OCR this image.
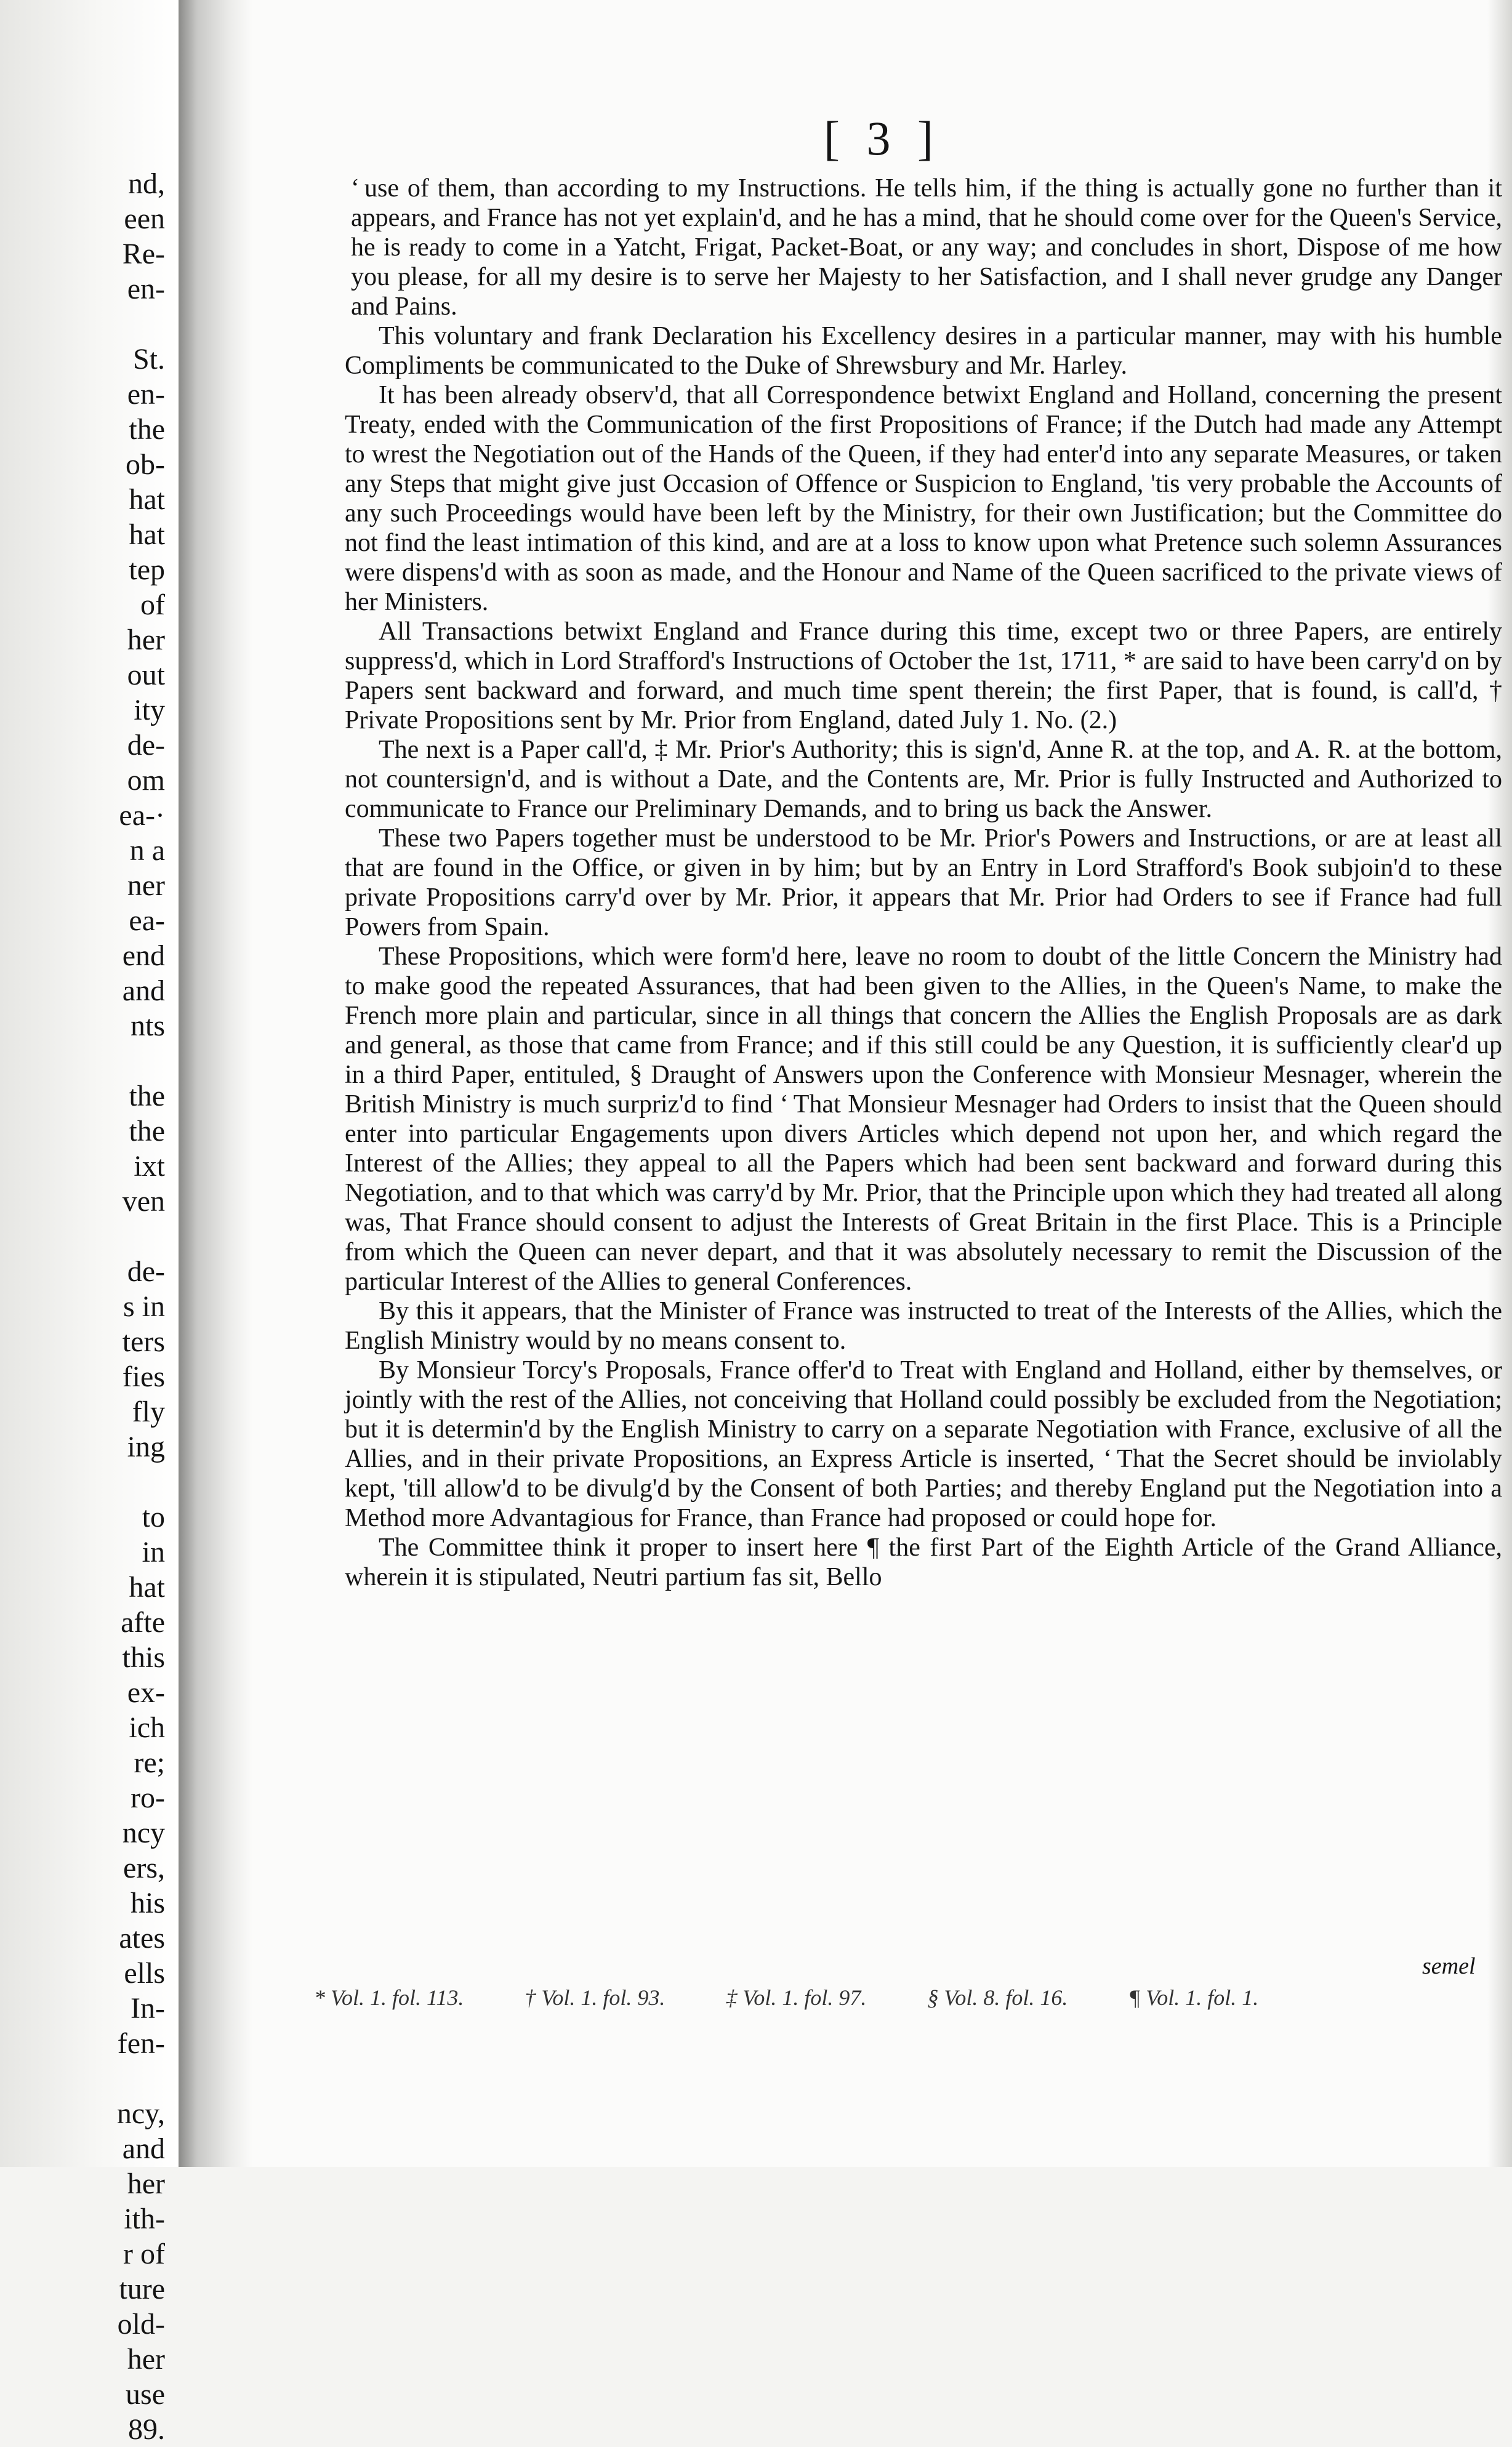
nd,
een
Re-
en-
St.
en-
the
ob-
hat
hat
tep
of
her
out
ity
de-
om
ea-·
n a
ner
ea-
end
and
nts
the
the
ixt
ven
de-
s in
ters
fies
fly
ing
to
in
hat
afte
this
ex-
ich
re;
ro-
ncy
ers,
his
ates
ells
In-
fen-
ncy,
and
her
ith-
r of
ture
old-
her
use
89.
[ 3 ]

‘ use of them, than according to my Instructions. He tells him, if the thing is actually gone no further than it appears, and France has not yet explain'd, and he has a mind, that he should come over for the Queen's Service, he is ready to come in a Yatcht, Frigat, Packet-Boat, or any way; and concludes in short, Dispose of me how you please, for all my desire is to serve her Majesty to her Satisfaction, and I shall never grudge any Danger and Pains.

This voluntary and frank Declaration his Excellency desires in a particular manner, may with his humble Compliments be communicated to the Duke of Shrewsbury and Mr. Harley.

It has been already observ'd, that all Correspondence betwixt England and Holland, concerning the present Treaty, ended with the Communication of the first Propositions of France; if the Dutch had made any Attempt to wrest the Negotiation out of the Hands of the Queen, if they had enter'd into any separate Measures, or taken any Steps that might give just Occasion of Offence or Suspicion to England, 'tis very probable the Accounts of any such Proceedings would have been left by the Ministry, for their own Justification; but the Committee do not find the least intimation of this kind, and are at a loss to know upon what Pretence such solemn Assurances were dispens'd with as soon as made, and the Honour and Name of the Queen sacrificed to the private views of her Ministers.

All Transactions betwixt England and France during this time, except two or three Papers, are entirely suppress'd, which in Lord Strafford's Instructions of October the 1st, 1711, * are said to have been carry'd on by Papers sent backward and forward, and much time spent therein; the first Paper, that is found, is call'd, † Private Propositions sent by Mr. Prior from England, dated July 1. No. (2.)

The next is a Paper call'd, ‡ Mr. Prior's Authority; this is sign'd, Anne R. at the top, and A. R. at the bottom, not countersign'd, and is without a Date, and the Contents are, Mr. Prior is fully Instructed and Authorized to communicate to France our Preliminary Demands, and to bring us back the Answer.

These two Papers together must be understood to be Mr. Prior's Powers and Instructions, or are at least all that are found in the Office, or given in by him; but by an Entry in Lord Strafford's Book subjoin'd to these private Propositions carry'd over by Mr. Prior, it appears that Mr. Prior had Orders to see if France had full Powers from Spain.

These Propositions, which were form'd here, leave no room to doubt of the little Concern the Ministry had to make good the repeated Assurances, that had been given to the Allies, in the Queen's Name, to make the French more plain and particular, since in all things that concern the Allies the English Proposals are as dark and general, as those that came from France; and if this still could be any Question, it is sufficiently clear'd up in a third Paper, entituled, § Draught of Answers upon the Conference with Monsieur Mesnager, wherein the British Ministry is much surpriz'd to find ‘ That Monsieur Mesnager had Orders to insist that the Queen should enter into particular Engagements upon divers Articles which depend not upon her, and which regard the Interest of the Allies; they appeal to all the Papers which had been sent backward and forward during this Negotiation, and to that which was carry'd by Mr. Prior, that the Principle upon which they had treated all along was, That France should consent to adjust the Interests of Great Britain in the first Place. This is a Principle from which the Queen can never depart, and that it was absolutely necessary to remit the Discussion of the particular Interest of the Allies to general Conferences.

By this it appears, that the Minister of France was instructed to treat of the Interests of the Allies, which the English Ministry would by no means consent to.

By Monsieur Torcy's Proposals, France offer'd to Treat with England and Holland, either by themselves, or jointly with the rest of the Allies, not conceiving that Holland could possibly be excluded from the Negotiation; but it is determin'd by the English Ministry to carry on a separate Negotiation with France, exclusive of all the Allies, and in their private Propositions, an Express Article is inserted, ‘ That the Secret should be inviolably kept, 'till allow'd to be divulg'd by the Consent of both Parties; and thereby England put the Negotiation into a Method more Advantagious for France, than France had proposed or could hope for.

The Committee think it proper to insert here ¶ the first Part of the Eighth Article of the Grand Alliance, wherein it is stipulated, Neutri partium fas sit, Bello

semel
* Vol. 1. fol. 113.	† Vol. 1. fol. 93.	‡ Vol. 1. fol. 97.	§ Vol. 8. fol. 16.	¶ Vol. 1. fol. 1.
